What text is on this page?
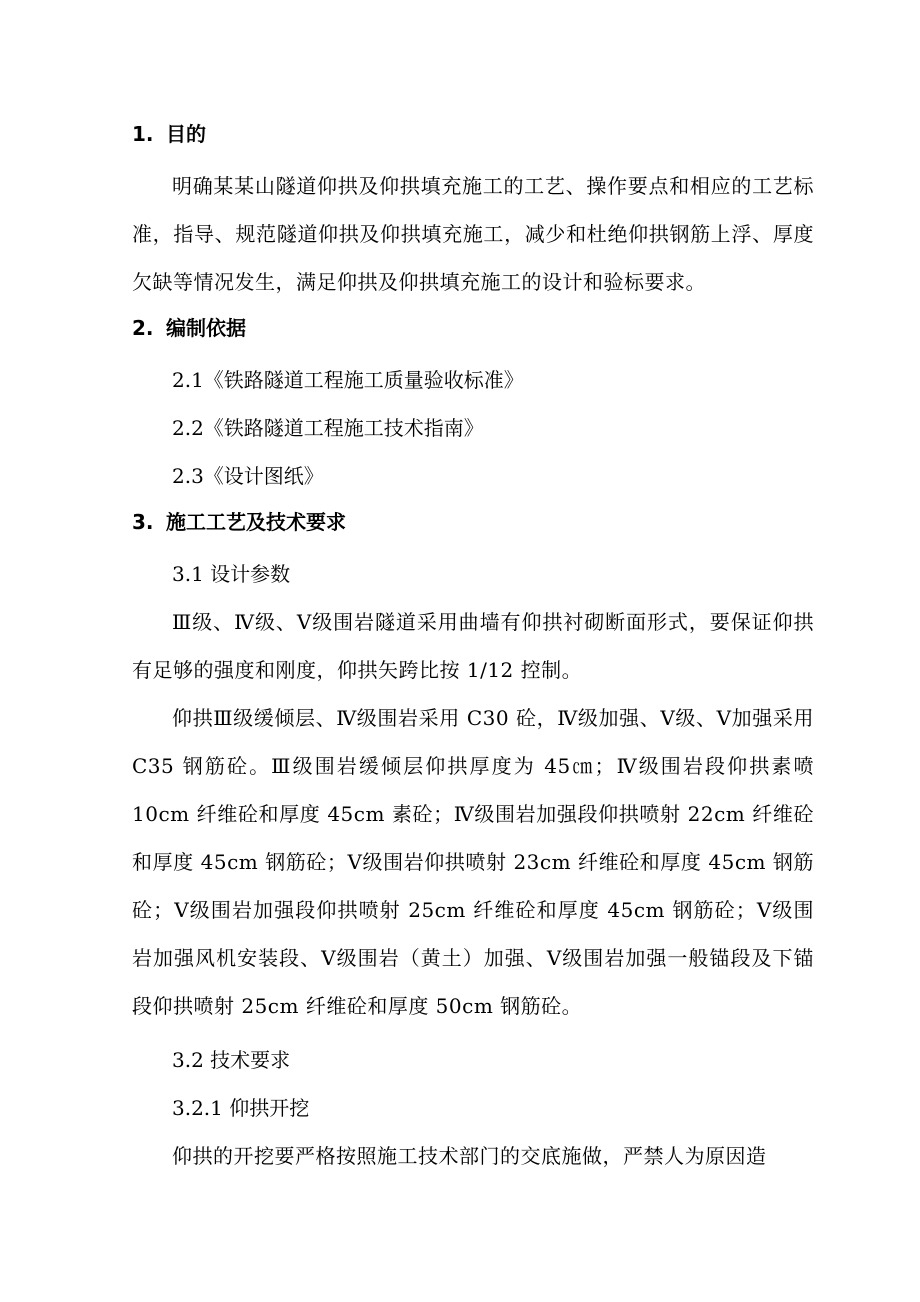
1. 目的

明确某某山隧道仰拱及仰拱填充施工的工艺、操作要点和相应的工艺标准，指导、规范隧道仰拱及仰拱填充施工，减少和杜绝仰拱钢筋上浮、厚度欠缺等情况发生，满足仰拱及仰拱填充施工的设计和验标要求。

2. 编制依据

2.1《铁路隧道工程施工质量验收标准》

2.2《铁路隧道工程施工技术指南》

2.3《设计图纸》

3. 施工工艺及技术要求

3.1 设计参数

Ⅲ级、Ⅳ级、Ⅴ级围岩隧道采用曲墙有仰拱衬砌断面形式，要保证仰拱有足够的强度和刚度，仰拱矢跨比按 1/12 控制。

仰拱Ⅲ级缓倾层、Ⅳ级围岩采用 C30 砼，Ⅳ级加强、Ⅴ级、Ⅴ加强采用 C35 钢筋砼。Ⅲ级围岩缓倾层仰拱厚度为 45㎝；Ⅳ级围岩段仰拱素喷 10cm 纤维砼和厚度 45cm 素砼；Ⅳ级围岩加强段仰拱喷射 22cm 纤维砼和厚度 45cm 钢筋砼；Ⅴ级围岩仰拱喷射 23cm 纤维砼和厚度 45cm 钢筋砼；Ⅴ级围岩加强段仰拱喷射 25cm 纤维砼和厚度 45cm 钢筋砼；Ⅴ级围岩加强风机安装段、Ⅴ级围岩（黄土）加强、Ⅴ级围岩加强一般锚段及下锚段仰拱喷射 25cm 纤维砼和厚度 50cm 钢筋砼。

3.2 技术要求

3.2.1 仰拱开挖

仰拱的开挖要严格按照施工技术部门的交底施做，严禁人为原因造
